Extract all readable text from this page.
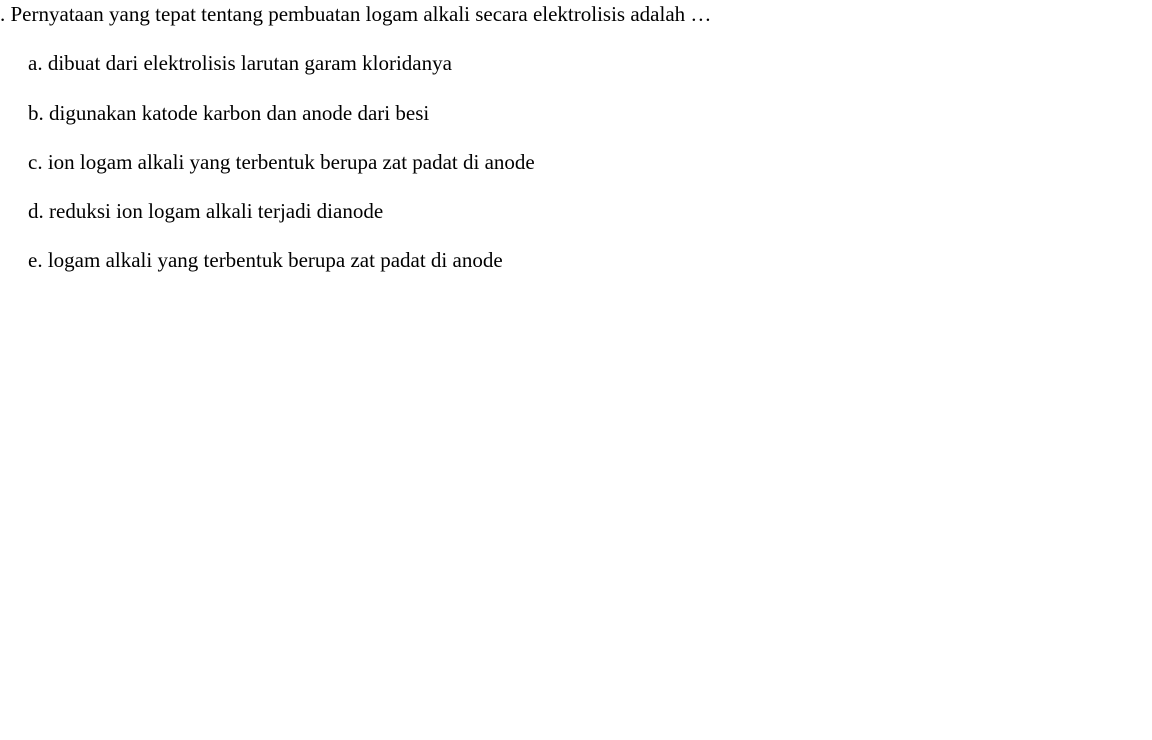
. Pernyataan yang tepat tentang pembuatan logam alkali secara elektrolisis adalah …
a. dibuat dari elektrolisis larutan garam kloridanya
b. digunakan katode karbon dan anode dari besi
c. ion logam alkali yang terbentuk berupa zat padat di anode
d. reduksi ion logam alkali terjadi dianode
e. logam alkali yang terbentuk berupa zat padat di anode
